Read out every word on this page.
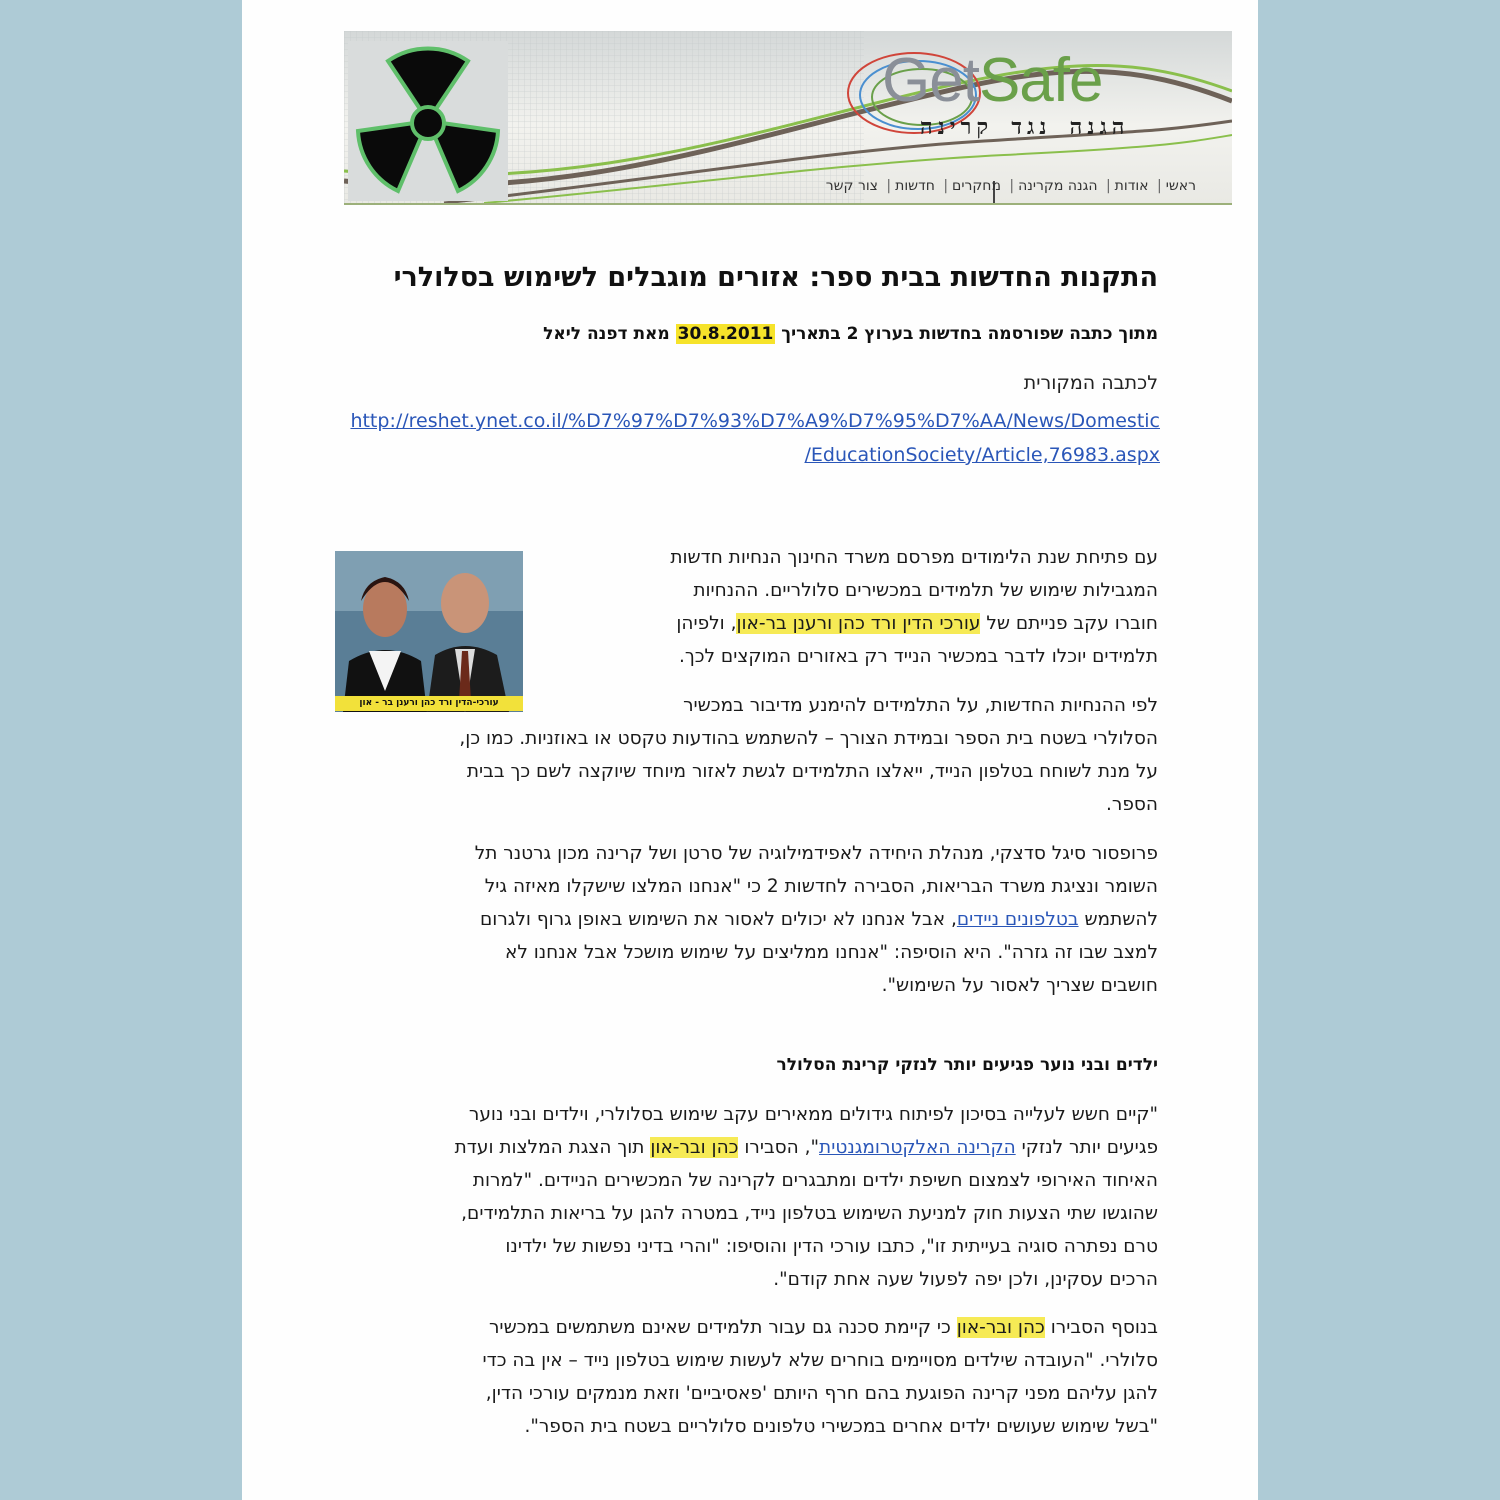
GetSafe
הגנה נגד קרינה
ראשי| אודות| הגנה מקרינה| מחקרים| חדשות| צור קשר
התקנות החדשות בבית ספר: אזורים מוגבלים לשימוש בסלולרי
מתוך כתבה שפורסמה בחדשות בערוץ 2 בתאריך 30.8.2011 מאת דפנה ליאל
לכתבה המקורית
http://reshet.ynet.co.il/%D7%97%D7%93%D7%A9%D7%95%D7%AA/News/Domestic
/EducationSociety/Article,76983.aspx
עורכי-הדין ורד כהן ורענן בר - און
עם פתיחת שנת הלימודים מפרסם משרד החינוך הנחיות חדשות
המגבילות שימוש של תלמידים במכשירים סלולריים. ההנחיות
חוברו עקב פנייתם של עורכי הדין ורד כהן ורענן בר-און, ולפיהן
תלמידים יוכלו לדבר במכשיר הנייד רק באזורים המוקצים לכך.
לפי ההנחיות החדשות, על התלמידים להימנע מדיבור במכשיר
הסלולרי בשטח בית הספר ובמידת הצורך – להשתמש בהודעות טקסט או באוזניות. כמו כן,
על מנת לשוחח בטלפון הנייד, ייאלצו התלמידים לגשת לאזור מיוחד שיוקצה לשם כך בבית
הספר.
פרופסור סיגל סדצקי, מנהלת היחידה לאפידמילוגיה של סרטן ושל קרינה מכון גרטנר תל
השומר ונציגת משרד הבריאות, הסבירה לחדשות 2 כי "אנחנו המלצו שישקלו מאיזה גיל
להשתמש בטלפונים ניידים, אבל אנחנו לא יכולים לאסור את השימוש באופן גרוף ולגרום
למצב שבו זה גזרה". היא הוסיפה: "אנחנו ממליצים על שימוש מושכל אבל אנחנו לא
חושבים שצריך לאסור על השימוש".
ילדים ובני נוער פגיעים יותר לנזקי קרינת הסלולר
"קיים חשש לעלייה בסיכון לפיתוח גידולים ממאירים עקב שימוש בסלולרי, וילדים ובני נוער
פגיעים יותר לנזקי הקרינה האלקטרומגנטית", הסבירו כהן ובר-און תוך הצגת המלצות ועדת
האיחוד האירופי לצמצום חשיפת ילדים ומתבגרים לקרינה של המכשירים הניידים. "למרות
שהוגשו שתי הצעות חוק למניעת השימוש בטלפון נייד, במטרה להגן על בריאות התלמידים,
טרם נפתרה סוגיה בעייתית זו", כתבו עורכי הדין והוסיפו: "והרי בדיני נפשות של ילדינו
הרכים עסקינן, ולכן יפה לפעול שעה אחת קודם".
בנוסף הסבירו כהן ובר-און כי קיימת סכנה גם עבור תלמידים שאינם משתמשים במכשיר
סלולרי. "העובדה שילדים מסויימים בוחרים שלא לעשות שימוש בטלפון נייד – אין בה כדי
להגן עליהם מפני קרינה הפוגעת בהם חרף היותם 'פאסיביים' וזאת מנמקים עורכי הדין,
"בשל שימוש שעושים ילדים אחרים במכשירי טלפונים סלולריים בשטח בית הספר".
